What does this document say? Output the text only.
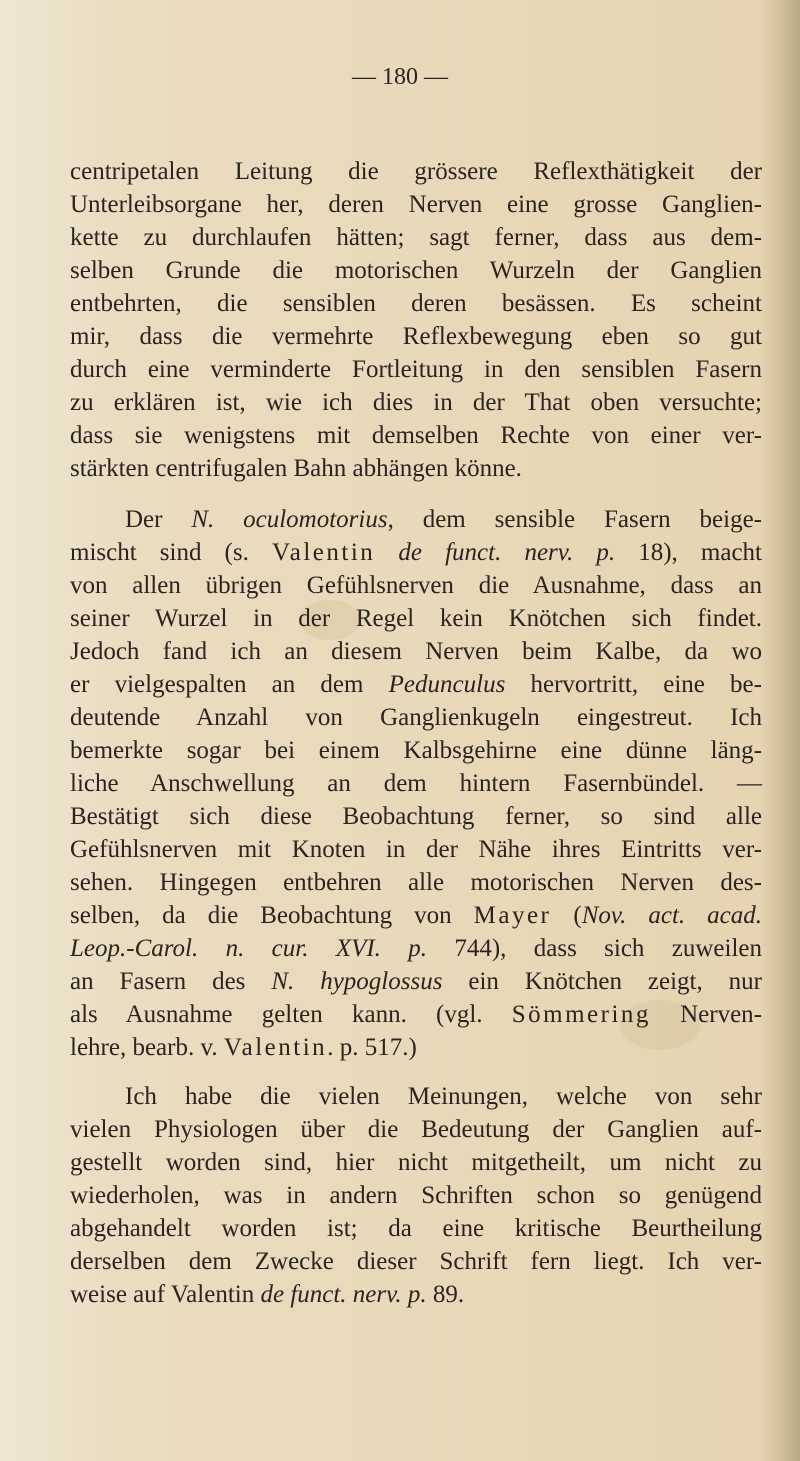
— 180 —
centripetalen Leitung die grössere Reflexthätigkeit der
Unterleibsorgane her, deren Nerven eine grosse Ganglien-
kette zu durchlaufen hätten; sagt ferner, dass aus dem-
selben Grunde die motorischen Wurzeln der Ganglien
entbehrten, die sensiblen deren besässen. Es scheint
mir, dass die vermehrte Reflexbewegung eben so gut
durch eine verminderte Fortleitung in den sensiblen Fasern
zu erklären ist, wie ich dies in der That oben versuchte;
dass sie wenigstens mit demselben Rechte von einer ver-
stärkten centrifugalen Bahn abhängen könne.
Der N. oculomotorius, dem sensible Fasern beige-
mischt sind (s. Valentin de funct. nerv. p. 18), macht
von allen übrigen Gefühlsnerven die Ausnahme, dass an
seiner Wurzel in der Regel kein Knötchen sich findet.
Jedoch fand ich an diesem Nerven beim Kalbe, da wo
er vielgespalten an dem Pedunculus hervortritt, eine be-
deutende Anzahl von Ganglienkugeln eingestreut. Ich
bemerkte sogar bei einem Kalbsgehirne eine dünne läng-
liche Anschwellung an dem hintern Fasernbündel. —
Bestätigt sich diese Beobachtung ferner, so sind alle
Gefühlsnerven mit Knoten in der Nähe ihres Eintritts ver-
sehen. Hingegen entbehren alle motorischen Nerven des-
selben, da die Beobachtung von Mayer (Nov. act. acad.
Leop.-Carol. n. cur. XVI. p. 744), dass sich zuweilen
an Fasern des N. hypoglossus ein Knötchen zeigt, nur
als Ausnahme gelten kann. (vgl. Sömmering Nerven-
lehre, bearb. v. Valentin. p. 517.)
Ich habe die vielen Meinungen, welche von sehr
vielen Physiologen über die Bedeutung der Ganglien auf-
gestellt worden sind, hier nicht mitgetheilt, um nicht zu
wiederholen, was in andern Schriften schon so genügend
abgehandelt worden ist; da eine kritische Beurtheilung
derselben dem Zwecke dieser Schrift fern liegt. Ich ver-
weise auf Valentin de funct. nerv. p. 89.
